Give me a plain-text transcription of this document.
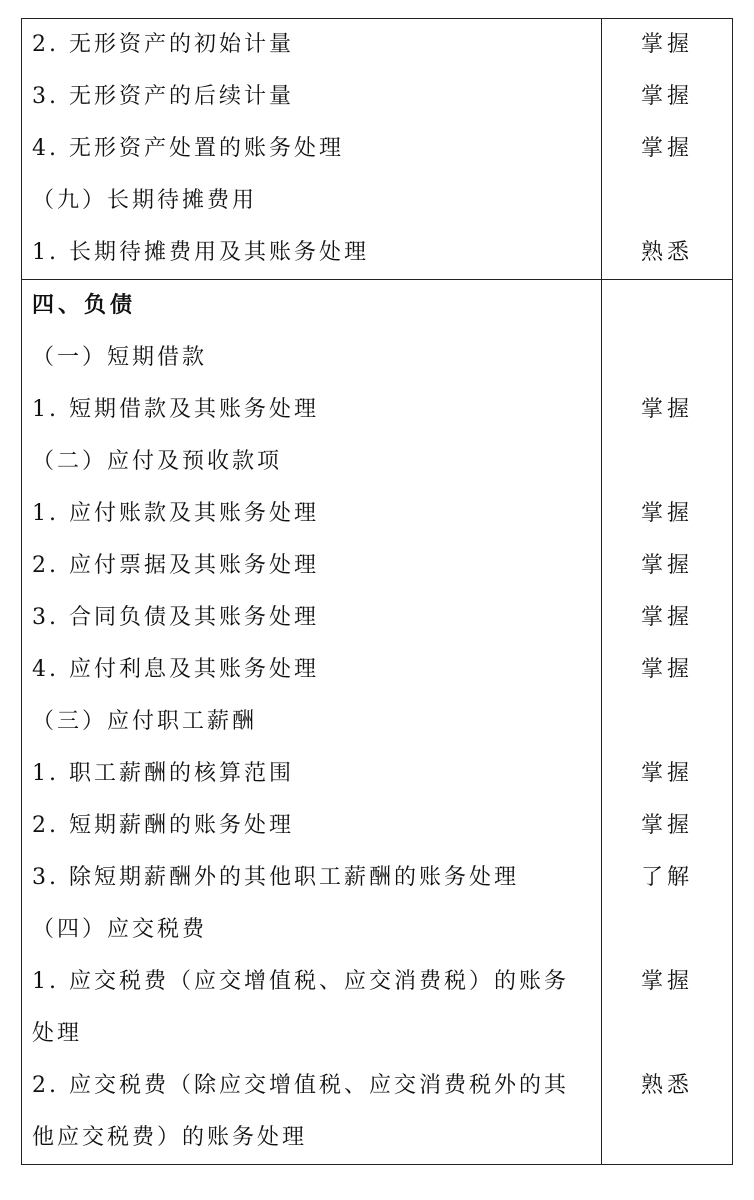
2. 无形资产的初始计量
3. 无形资产的后续计量
4. 无形资产处置的账务处理
（九）长期待摊费用
1. 长期待摊费用及其账务处理
掌握
掌握
掌握
熟悉
四、负债
（一）短期借款
1. 短期借款及其账务处理
（二）应付及预收款项
1. 应付账款及其账务处理
2. 应付票据及其账务处理
3. 合同负债及其账务处理
4. 应付利息及其账务处理
（三）应付职工薪酬
1. 职工薪酬的核算范围
2. 短期薪酬的账务处理
3. 除短期薪酬外的其他职工薪酬的账务处理
（四）应交税费
1. 应交税费（应交增值税、应交消费税）的账务
处理
2. 应交税费（除应交增值税、应交消费税外的其
他应交税费）的账务处理
掌握
掌握
掌握
掌握
掌握
掌握
掌握
了解
掌握
熟悉
